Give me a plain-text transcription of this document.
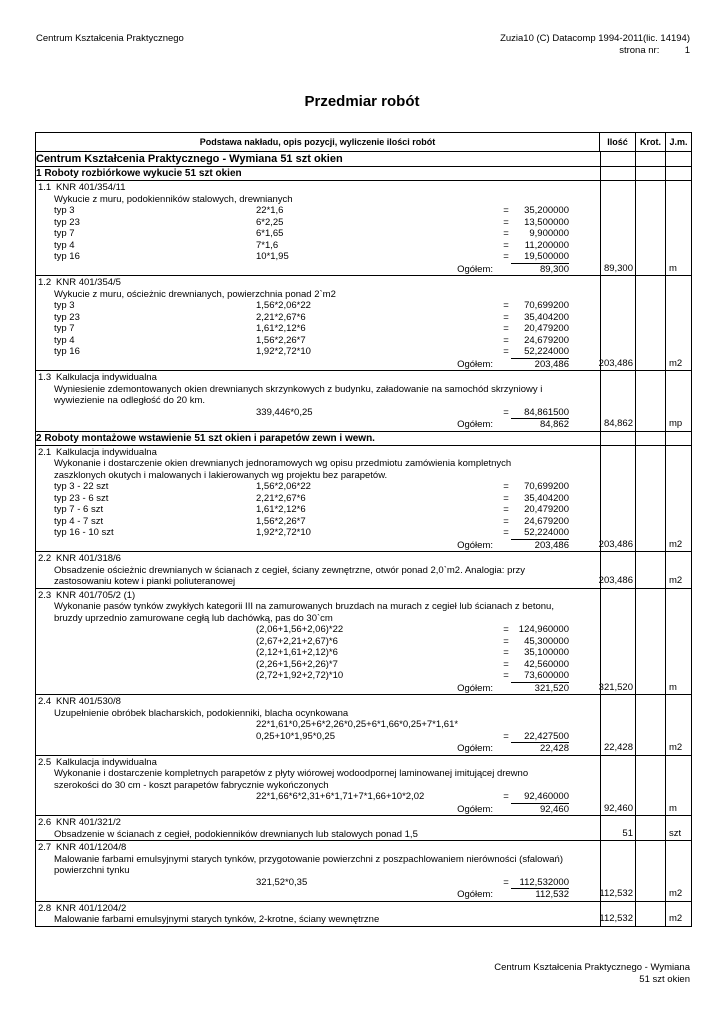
Centrum Kształcenia Praktycznego	Zuzia10 (C) Datacomp 1994-2011(lic. 14194)
strona nr:	1
Przedmiar robót
Podstawa nakładu, opis pozycji, wyliczenie ilości robót	Ilość	Krot. J.m.
Centrum Kształcenia Praktycznego - Wymiana 51 szt okien
1 Roboty rozbiórkowe wykucie 51 szt okien
1.1 KNR 401/354/11
Wykucie z muru, podokienników stalowych, drewnianych
typ 3	22*1,6	=	35,200000
typ 23	6*2,25	=	13,500000
typ 7	6*1,65	=	9,900000
typ 4	7*1,6	=	11,200000
typ 16	10*1,95	=	19,500000
Ogółem:	89,300	89,300	m
1.2 KNR 401/354/5
Wykucie z muru, ościeżnic drewnianych, powierzchnia ponad 2`m2
typ 3	1,56*2,06*22	=	70,699200
typ 23	2,21*2,67*6	=	35,404200
typ 7	1,61*2,12*6	=	20,479200
typ 4	1,56*2,26*7	=	24,679200
typ 16	1,92*2,72*10	=	52,224000
Ogółem:	203,486	203,486	m2
1.3 Kalkulacja indywidualna
Wyniesienie zdemontowanych okien drewnianych skrzynkowych z budynku, załadowanie na samochód skrzyniowy i
wywiezienie na odległość do 20 km.
339,446*0,25	=	84,861500
Ogółem:	84,862	84,862	mp
2 Roboty montażowe wstawienie 51 szt okien i parapetów zewn i wewn.
2.1 Kalkulacja indywidualna
Wykonanie i dostarczenie okien drewnianych jednoramowych wg opisu przedmiotu zamówienia kompletnych
zaszklonych okutych i malowanych i lakierowanych wg projektu bez parapetów.
typ 3 - 22 szt	1,56*2,06*22	=	70,699200
typ 23 - 6 szt	2,21*2,67*6	=	35,404200
typ 7 - 6 szt	1,61*2,12*6	=	20,479200
typ 4 - 7 szt	1,56*2,26*7	=	24,679200
typ 16 - 10 szt	1,92*2,72*10	=	52,224000
Ogółem:	203,486	203,486	m2
2.2 KNR 401/318/6
Obsadzenie ościeżnic drewnianych w ścianach z cegieł, ściany zewnętrzne, otwór ponad 2,0`m2. Analogia: przy
zastosowaniu kotew i pianki poliuteranowej	203,486	m2
2.3 KNR 401/705/2 (1)
Wykonanie pasów tynków zwykłych kategorii III na zamurowanych bruzdach na murach z cegieł lub ścianach z betonu,
bruzdy uprzednio zamurowane cegłą lub dachówką, pas do 30`cm
(2,06+1,56+2,06)*22	=	124,960000
(2,67+2,21+2,67)*6	=	45,300000
(2,12+1,61+2,12)*6	=	35,100000
(2,26+1,56+2,26)*7	=	42,560000
(2,72+1,92+2,72)*10	=	73,600000
Ogółem:	321,520	321,520	m
2.4 KNR 401/530/8
Uzupełnienie obróbek blacharskich, podokienniki, blacha ocynkowana
22*1,61*0,25+6*2,26*0,25+6*1,66*0,25+7*1,61*
0,25+10*1,95*0,25	=	22,427500
Ogółem:	22,428	22,428	m2
2.5 Kalkulacja indywidualna
Wykonanie i dostarczenie kompletnych parapetów z płyty wiórowej wodoodpornej laminowanej imitującej drewno
szerokości do 30 cm - koszt parapetów fabrycznie wykończonych
22*1,66*6*2,31+6*1,71+7*1,66+10*2,02	=	92,460000
Ogółem:	92,460	92,460	m
2.6 KNR 401/321/2
Obsadzenie w ścianach z cegieł, podokienników drewnianych lub stalowych ponad 1,5	51	szt
2.7 KNR 401/1204/8
Malowanie farbami emulsyjnymi starych tynków, przygotowanie powierzchni z poszpachlowaniem nierówności (sfalowań)
powierzchni tynku
321,52*0,35	=	112,532000
Ogółem:	112,532	112,532	m2
2.8 KNR 401/1204/2
Malowanie farbami emulsyjnymi starych tynków, 2-krotne, ściany wewnętrzne	112,532	m2
Centrum Kształcenia Praktycznego - Wymiana
51 szt okien
